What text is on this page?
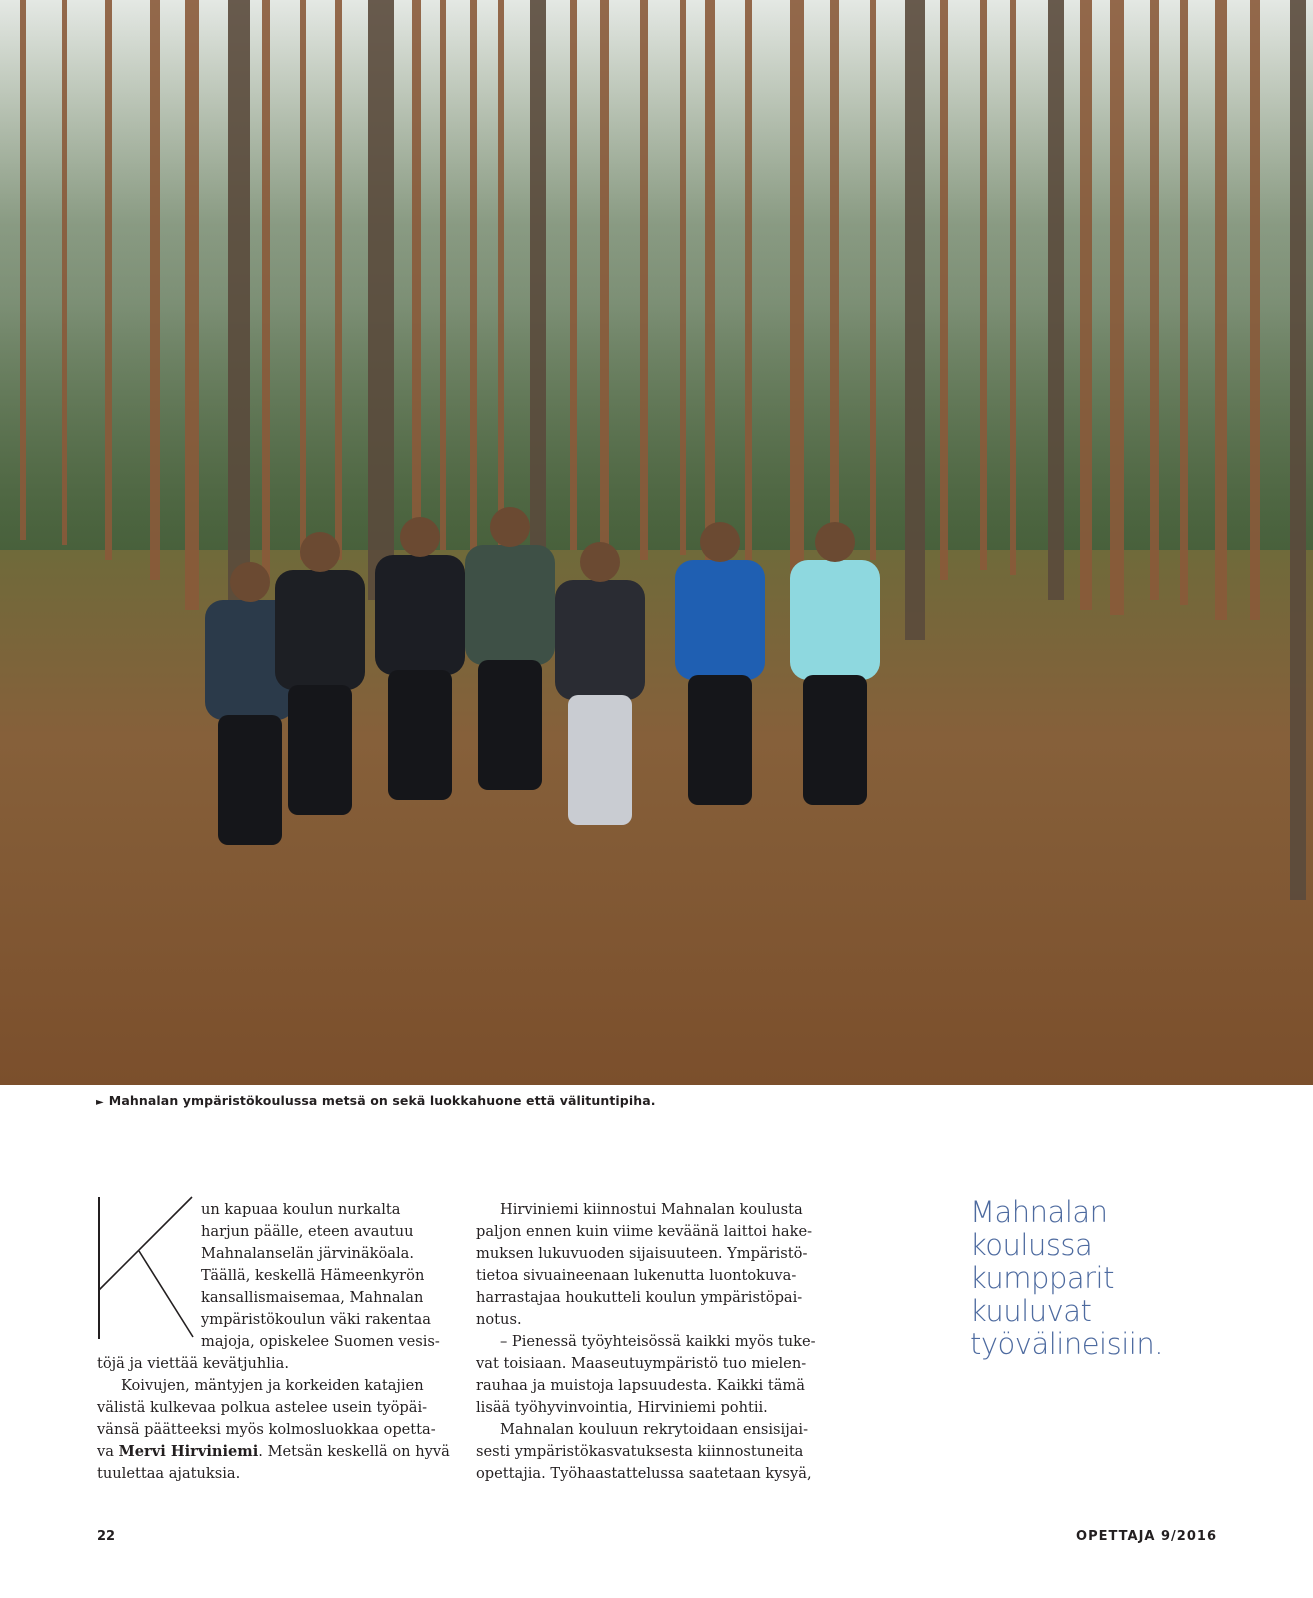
► Mahnalan ympäristökoulussa metsä on sekä luokkahuone että välituntipiha.

un kapuaa koulun nurkalta
harjun päälle, eteen avautuu
Mahnalanselän järvinäköala.
Täällä, keskellä Hämeenkyrön
kansallismaisemaa, Mahnalan
ympäristökoulun väki rakentaa
majoja, opiskelee Suomen vesis-
töjä ja viettää kevätjuhlia.

Koivujen, mäntyjen ja korkeiden katajien
välistä kulkevaa polkua astelee usein työpäi-
vänsä päätteeksi myös kolmosluokkaa opetta-
va Mervi Hirviniemi. Metsän keskellä on hyvä
tuulettaa ajatuksia.

Hirviniemi kiinnostui Mahnalan koulusta
paljon ennen kuin viime keväänä laittoi hake-
muksen lukuvuoden sijaisuuteen. Ympäristö-
tietoa sivuaineenaan lukenutta luontokuva-
harrastajaa houkutteli koulun ympäristöpai-
notus.

– Pienessä työyhteisössä kaikki myös tuke-
vat toisiaan. Maaseutuympäristö tuo mielen-
rauhaa ja muistoja lapsuudesta. Kaikki tämä
lisää työhyvinvointia, Hirviniemi pohtii.

Mahnalan kouluun rekrytoidaan ensisijai-
sesti ympäristökasvatuksesta kiinnostuneita
opettajia. Työhaastattelussa saatetaan kysyä,

Mahnalan
koulussa
kumpparit
kuuluvat
työvälineisiin.
22	OPETTAJA 9/2016
